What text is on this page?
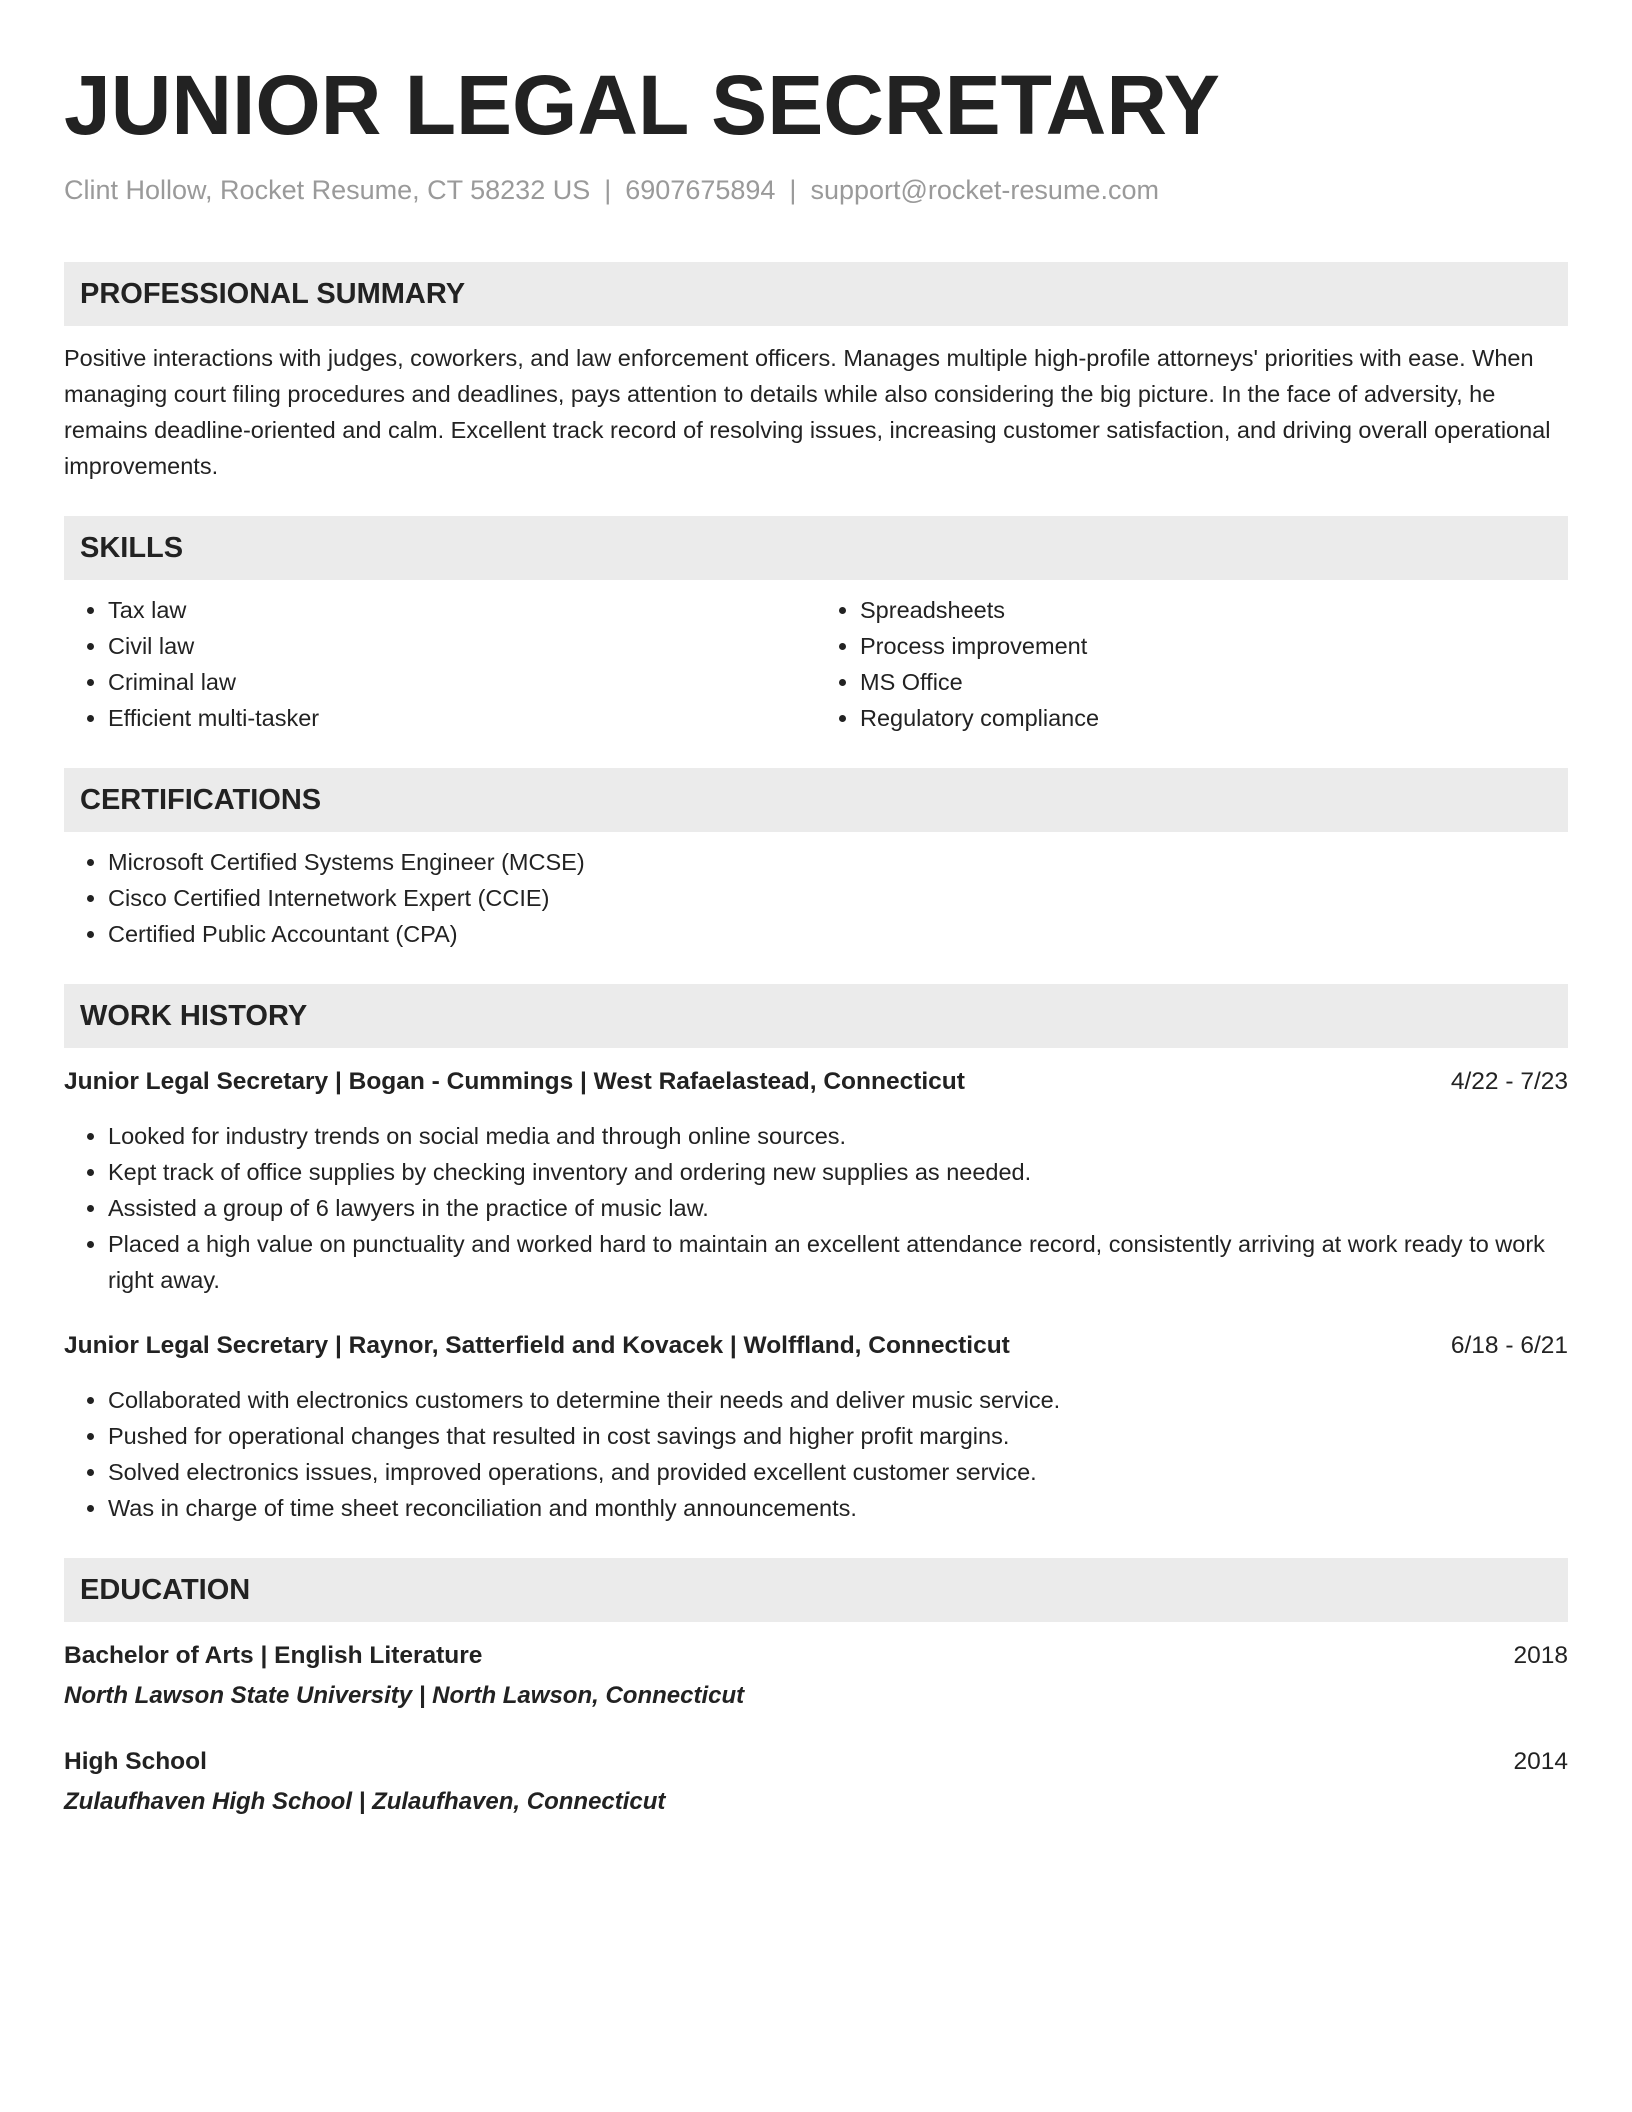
JUNIOR LEGAL SECRETARY
Clint Hollow, Rocket Resume, CT 58232 US | 6907675894 | support@rocket-resume.com
PROFESSIONAL SUMMARY

Positive interactions with judges, coworkers, and law enforcement officers. Manages multiple high-profile attorneys' priorities with ease. When managing court filing procedures and deadlines, pays attention to details while also considering the big picture. In the face of adversity, he remains deadline-oriented and calm. Excellent track record of resolving issues, increasing customer satisfaction, and driving overall operational improvements.

SKILLS
• Tax law
• Civil law
• Criminal law
• Efficient multi-tasker
• Spreadsheets
• Process improvement
• MS Office
• Regulatory compliance
CERTIFICATIONS
• Microsoft Certified Systems Engineer (MCSE)
• Cisco Certified Internetwork Expert (CCIE)
• Certified Public Accountant (CPA)
WORK HISTORY
Junior Legal Secretary | Bogan - Cummings | West Rafaelastead, Connecticut	4/22 - 7/23
• Looked for industry trends on social media and through online sources.
• Kept track of office supplies by checking inventory and ordering new supplies as needed.
• Assisted a group of 6 lawyers in the practice of music law.
• Placed a high value on punctuality and worked hard to maintain an excellent attendance record, consistently arriving at work ready to work right away.
Junior Legal Secretary | Raynor, Satterfield and Kovacek | Wolffland, Connecticut	6/18 - 6/21
• Collaborated with electronics customers to determine their needs and deliver music service.
• Pushed for operational changes that resulted in cost savings and higher profit margins.
• Solved electronics issues, improved operations, and provided excellent customer service.
• Was in charge of time sheet reconciliation and monthly announcements.
EDUCATION
Bachelor of Arts | English Literature	2018
North Lawson State University | North Lawson, Connecticut
High School	2014
Zulaufhaven High School | Zulaufhaven, Connecticut
